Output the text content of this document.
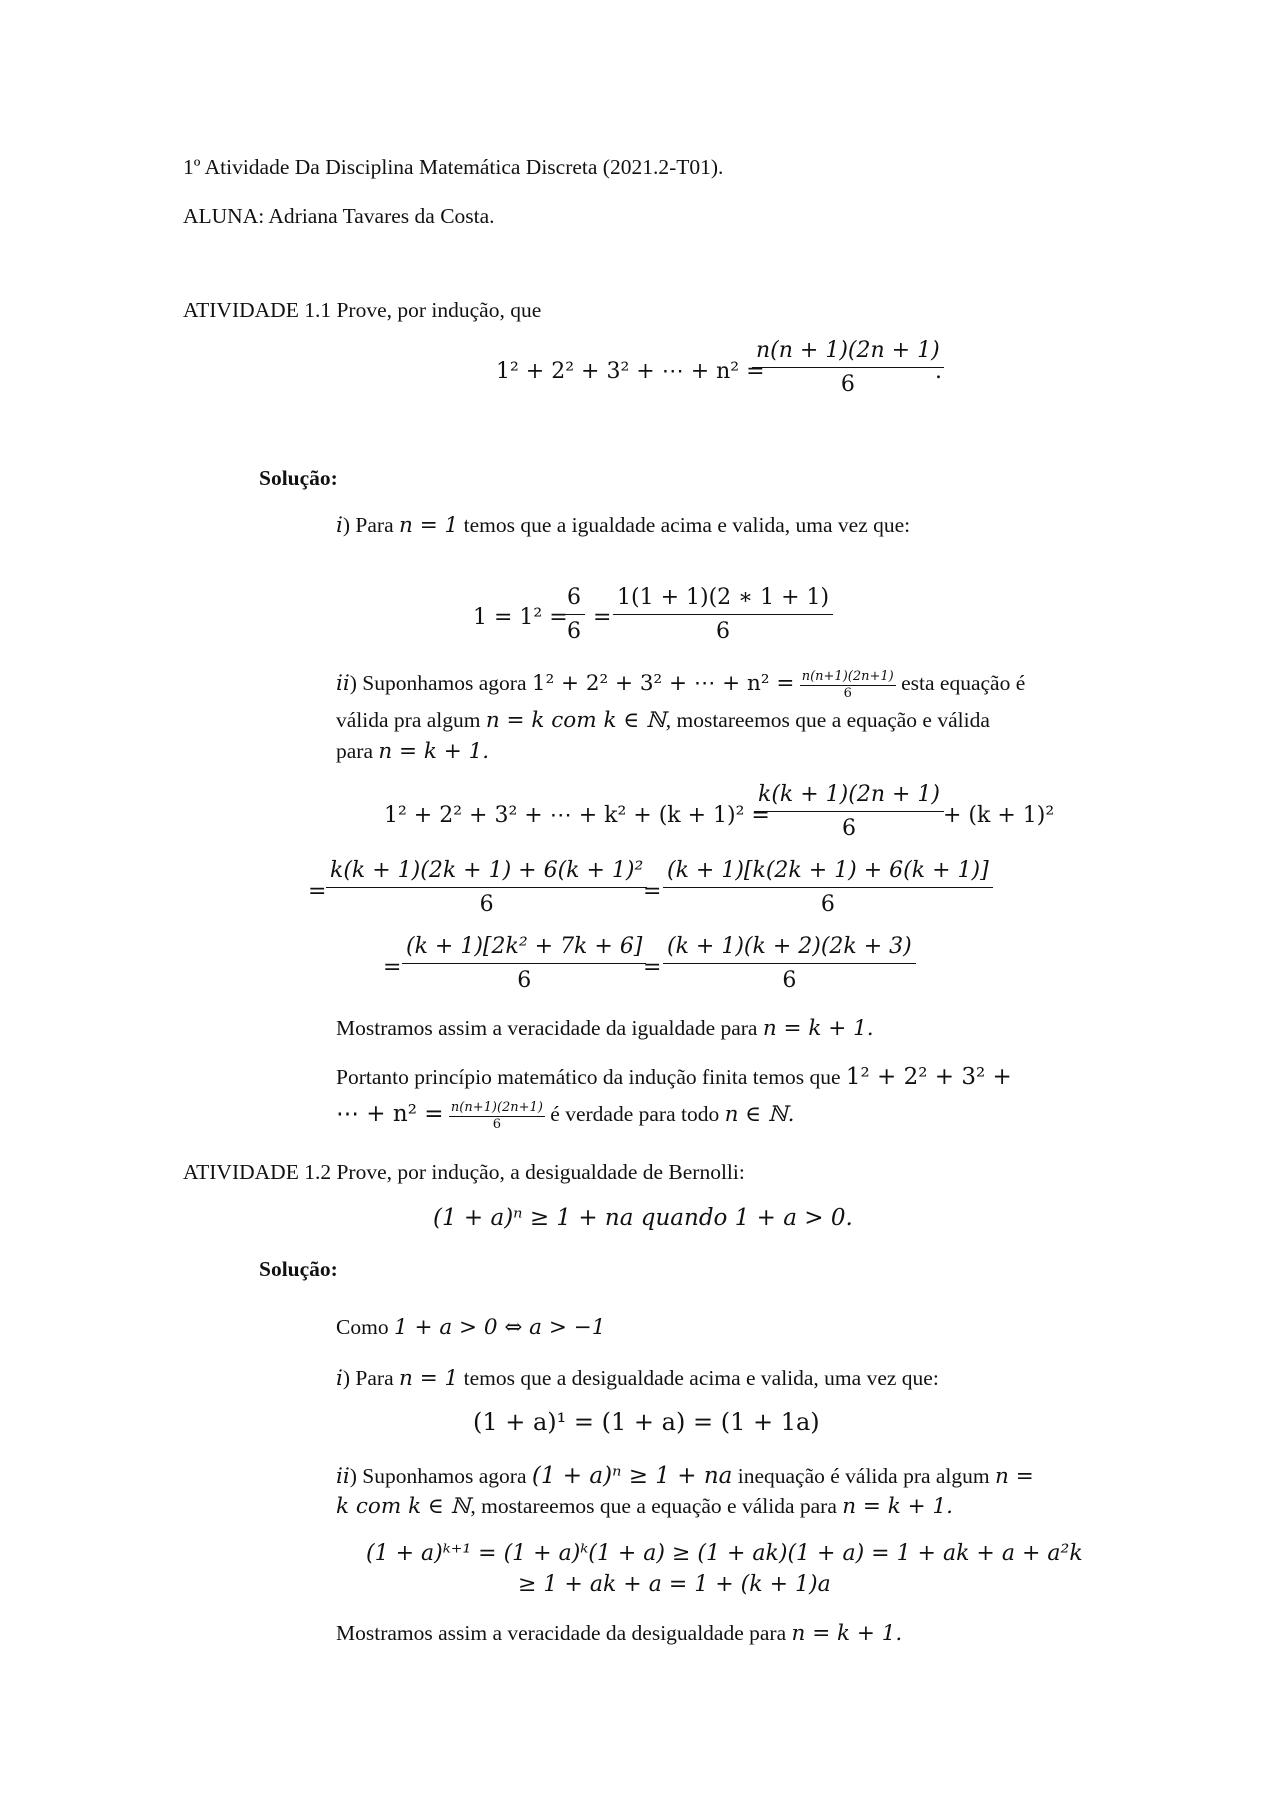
1º Atividade Da Disciplina Matemática Discreta (2021.2-T01).
ALUNA: Adriana Tavares da Costa.
ATIVIDADE 1.1 Prove, por indução, que
1² + 2² + 3² + ⋯ + n² =
$\frac{n(n + 1)(2n + 1)}{6}$
.
Solução:
i) Para n = 1 temos que a igualdade acima e valida, uma vez que:
1 = 1² =
$\frac{6}{6} = \frac{1(1 + 1)(2 ∗ 1 + 1)}{6}$
ii) Suponhamos agora 1² + 2² + 3² + ⋯ + $n^2 = \frac{n(n+1)(2n+1)}{6}$ esta equação é
válida pra algum n = k com k ∈ ℕ, mostareemos que a equação e válida
para n = k + 1.
1² + 2² + 3² + ⋯ + k² + (k + 1)² =
$\frac{k(k + 1)(2n + 1)}{6} + (k + 1)^2$
= $\frac{\text{k(k + 1)(2k + 1) + 6(k + 1)²}}{6}$
= $\frac{(k + 1)[k(2k + 1) + 6(k + 1)]}{6}$
= $\frac{\text{(k + 1)[2k² + 7k + 6]}}{6}$
= $\frac{(k + 1)(k + 2)(2k + 3)}{6}$
Mostramos assim a veracidade da igualdade para n = k + 1.
Portanto princípio matemático da indução finita temos que 1² + 2² + 3² +
⋯ + $n^2 = \frac{n(n+1)(2n+1)}{6}$ é verdade para todo n ∈ ℕ.
ATIVIDADE 1.2 Prove, por indução, a desigualdade de Bernolli:
(1 + a)ⁿ ≥ 1 + na quando 1 + a > 0.
Solução:
Como 1 + a > 0 ⇔ a > −1
i) Para n = 1 temos que a desigualdade acima e valida, uma vez que:
(1 + a)¹ = (1 + a) = (1 + 1a)
ii) Suponhamos agora (1 + a)ⁿ ≥ 1 + na inequação é válida pra algum n =
k com k ∈ ℕ, mostareemos que a equação e válida para n = k + 1.
(1 + a)ᵏ⁺¹ = (1 + a)ᵏ(1 + a) ≥ (1 + ak)(1 + a) = 1 + ak + a + a²k
≥ 1 + ak + a = 1 + (k + 1)a
Mostramos assim a veracidade da desigualdade para n = k + 1.
